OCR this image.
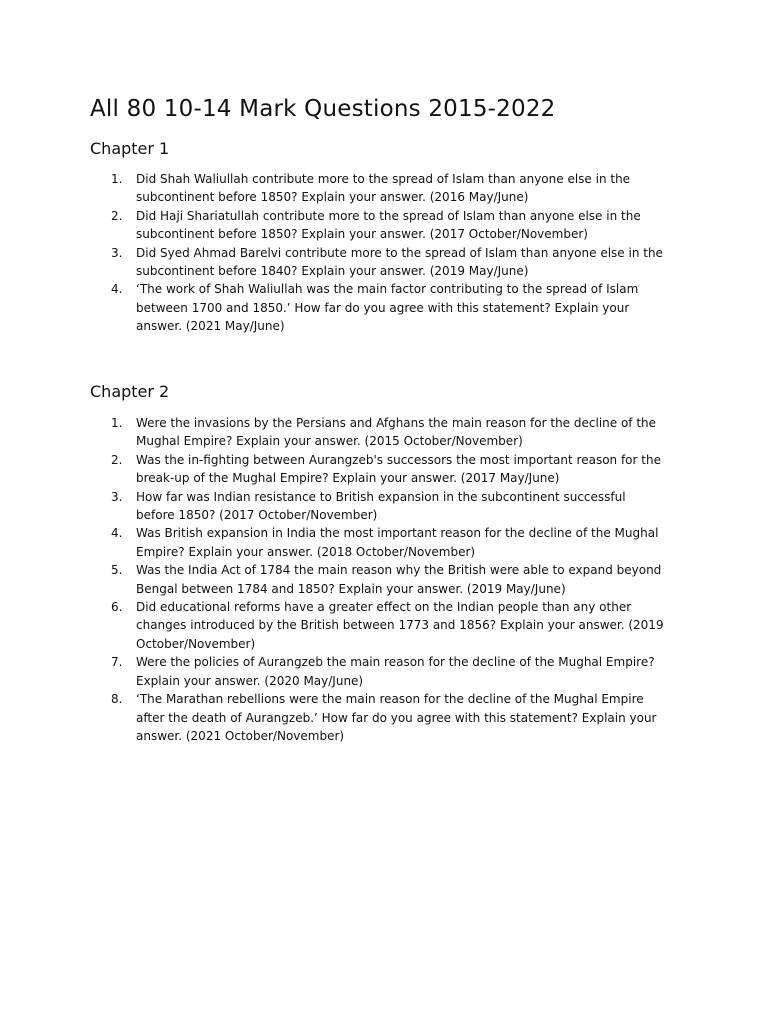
All 80 10-14 Mark Questions 2015-2022
Chapter 1
1.	Did Shah Waliullah contribute more to the spread of Islam than anyone else in the
subcontinent before 1850? Explain your answer. (2016 May/June)
2.	Did Haji Shariatullah contribute more to the spread of Islam than anyone else in the
subcontinent before 1850? Explain your answer. (2017 October/November)
3.	Did Syed Ahmad Barelvi contribute more to the spread of Islam than anyone else in the
subcontinent before 1840? Explain your answer. (2019 May/June)
4.	‘The work of Shah Waliullah was the main factor contributing to the spread of Islam
between 1700 and 1850.’ How far do you agree with this statement? Explain your
answer. (2021 May/June)
Chapter 2
1.	Were the invasions by the Persians and Afghans the main reason for the decline of the
Mughal Empire? Explain your answer. (2015 October/November)
2.	Was the in-fighting between Aurangzeb's successors the most important reason for the
break-up of the Mughal Empire? Explain your answer. (2017 May/June)
3.	How far was Indian resistance to British expansion in the subcontinent successful
before 1850? (2017 October/November)
4.	Was British expansion in India the most important reason for the decline of the Mughal
Empire? Explain your answer. (2018 October/November)
5.	Was the India Act of 1784 the main reason why the British were able to expand beyond
Bengal between 1784 and 1850? Explain your answer. (2019 May/June)
6.	Did educational reforms have a greater effect on the Indian people than any other
changes introduced by the British between 1773 and 1856? Explain your answer. (2019
October/November)
7.	Were the policies of Aurangzeb the main reason for the decline of the Mughal Empire?
Explain your answer. (2020 May/June)
8.	‘The Marathan rebellions were the main reason for the decline of the Mughal Empire
after the death of Aurangzeb.’ How far do you agree with this statement? Explain your
answer. (2021 October/November)
